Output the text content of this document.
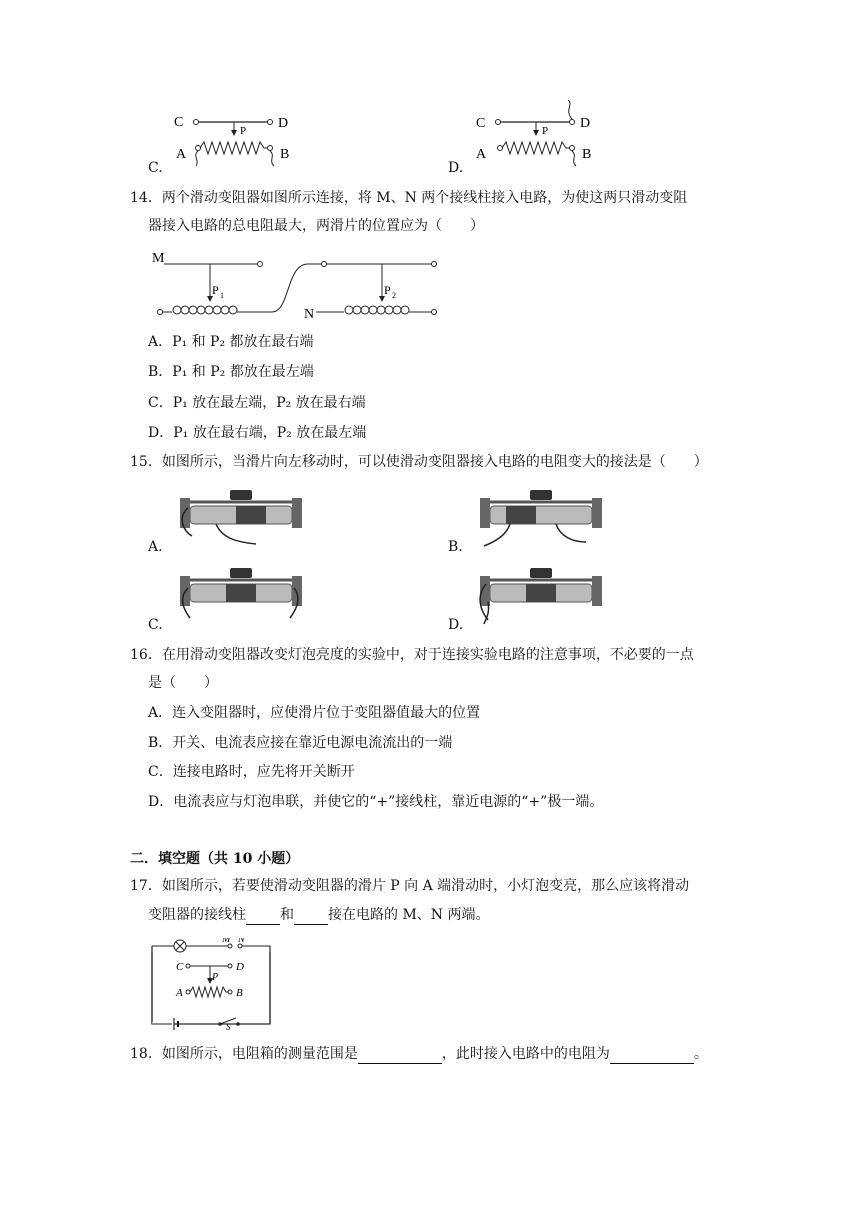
C	D
P
A	B
C.
C	D
P
A	B
D.
14．两个滑动变阻器如图所示连接，将 M、N 两个接线柱接入电路，为使这两只滑动变阻
器接入电路的总电阻最大，两滑片的位置应为（　　）
M
P 1	P 2
N
A．P₁ 和 P₂ 都放在最右端
B．P₁ 和 P₂ 都放在最左端
C．P₁ 放在最左端，P₂ 放在最右端
D．P₁ 放在最右端，P₂ 放在最左端
15．如图所示，当滑片向左移动时，可以使滑动变阻器接入电路的电阻变大的接法是（　　）
A.	B.
C.	D.
16．在用滑动变阻器改变灯泡亮度的实验中，对于连接实验电路的注意事项，不必要的一点
是（　　）
A．连入变阻器时，应使滑片位于变阻器值最大的位置
B．开关、电流表应接在靠近电源电流流出的一端
C．连接电路时，应先将开关断开
D．电流表应与灯泡串联，并使它的“+”接线柱，靠近电源的“+”极一端。
二．填空题（共 10 小题）
17．如图所示，若要使滑动变阻器的滑片 P 向 A 端滑动时，小灯泡变亮，那么应该将滑动
变阻器的接线柱 和 接在电路的 M、N 两端。
M N
C	D
P
A	B
S
18．如图所示，电阻箱的测量范围是	，此时接入电路中的电阻为	。
